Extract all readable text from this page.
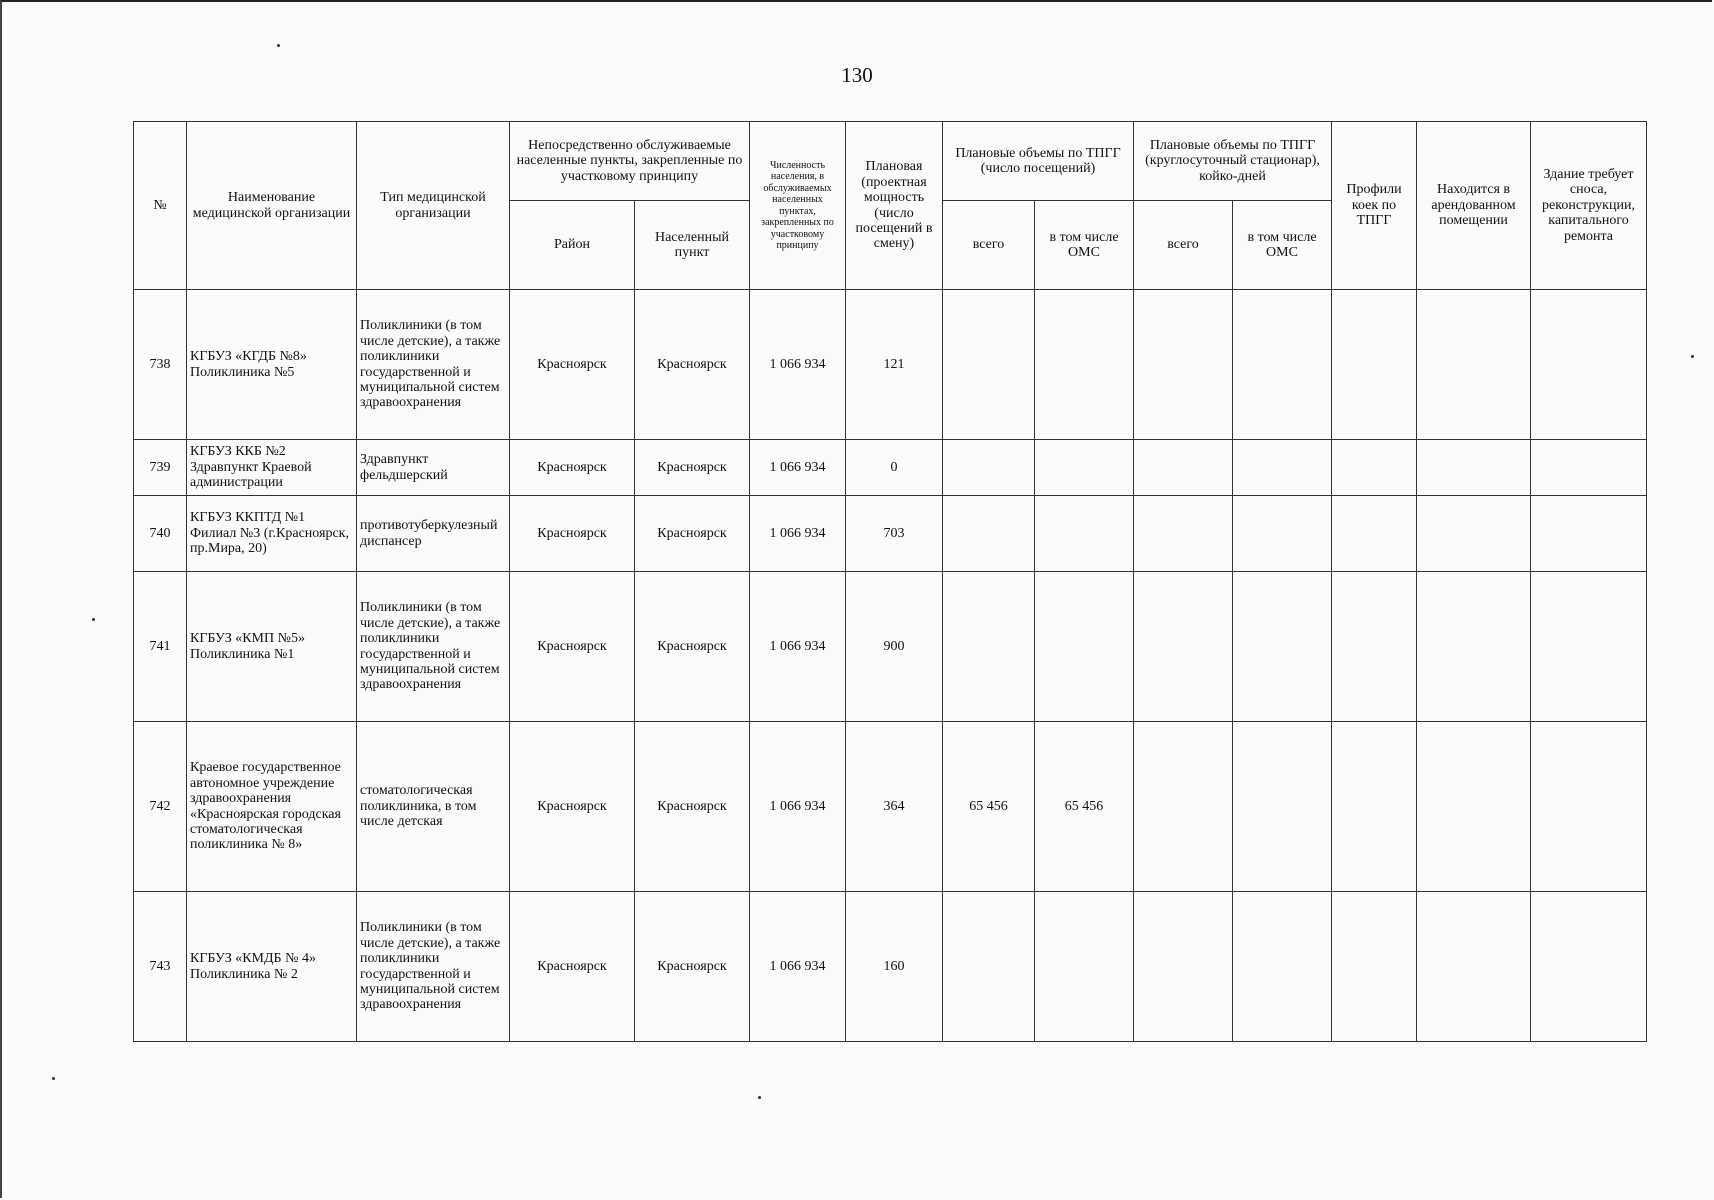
130
№	Наименование медицинской организации	Тип медицинской организации	Непосредственно обслуживаемые населенные пункты, закрепленные по участковому принципу		Численность населения, в обслуживаемых населенных пунктах, закрепленных по участковому принципу	Плановая (проектная мощность (число посещений в смену)	Плановые объемы по ТПГГ (число посещений)		Плановые объемы по ТПГГ (круглосуточный стационар), койко-дней		Профили коек по ТПГГ	Находится в арендованном помещении	Здание требует сноса, реконструкции, капитального ремонта
			Район	Населенный пункт			всего	в том числе ОМС	всего	в том числе ОМС			
738	КГБУЗ «КГДБ №8» Поликлиника №5	Поликлиники (в том числе детские), а также поликлиники государственной и муниципальной систем здравоохранения	Красноярск	Красноярск	1 066 934	121							
739	КГБУЗ ККБ №2 Здравпункт Краевой администрации	Здравпункт фельдшерский	Красноярск	Красноярск	1 066 934	0							
740	КГБУЗ ККПТД №1 Филиал №3 (г.Красноярск, пр.Мира, 20)	противотуберкулезный диспансер	Красноярск	Красноярск	1 066 934	703							
741	КГБУЗ «КМП №5» Поликлиника №1	Поликлиники (в том числе детские), а также поликлиники государственной и муниципальной систем здравоохранения	Красноярск	Красноярск	1 066 934	900							
742	Краевое государственное автономное учреждение здравоохранения «Красноярская городская стоматологическая поликлиника № 8»	стоматологическая поликлиника, в том числе детская	Красноярск	Красноярск	1 066 934	364	65 456	65 456					
743	КГБУЗ «КМДБ № 4» Поликлиника № 2	Поликлиники (в том числе детские), а также поликлиники государственной и муниципальной систем здравоохранения	Красноярск	Красноярск	1 066 934	160							
